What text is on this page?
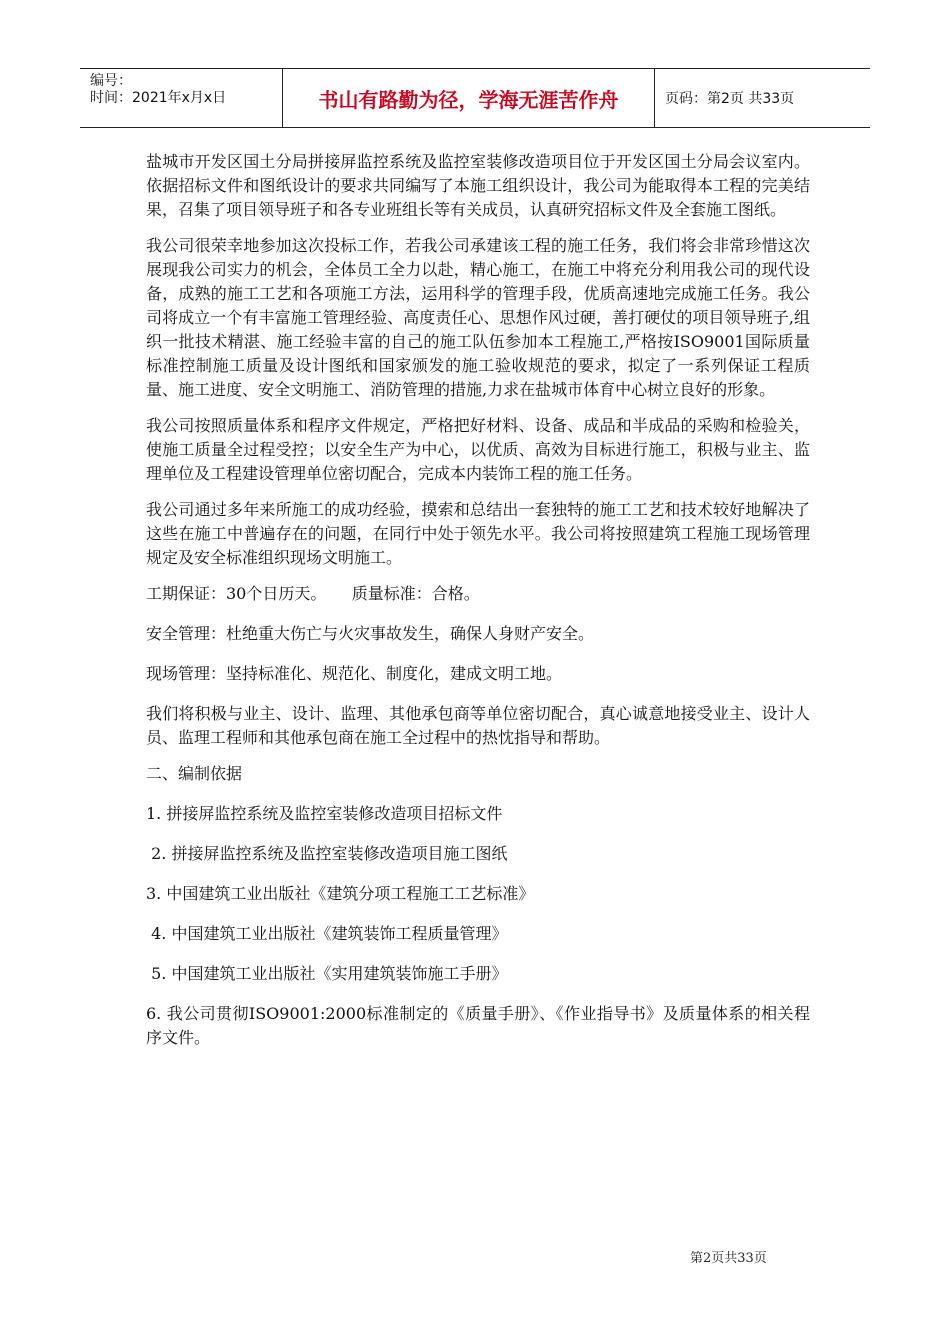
编号：
时间：2021年x月x日	书山有路勤为径，学海无涯苦作舟	页码：第2页 共33页

盐城市开发区国土分局拼接屏监控系统及监控室装修改造项目位于开发区国土分局会议室内。依据招标文件和图纸设计的要求共同编写了本施工组织设计，我公司为能取得本工程的完美结果，召集了项目领导班子和各专业班组长等有关成员，认真研究招标文件及全套施工图纸。

我公司很荣幸地参加这次投标工作，若我公司承建该工程的施工任务，我们将会非常珍惜这次展现我公司实力的机会，全体员工全力以赴，精心施工，在施工中将充分利用我公司的现代设备，成熟的施工工艺和各项施工方法，运用科学的管理手段，优质高速地完成施工任务。我公司将成立一个有丰富施工管理经验、高度责任心、思想作风过硬，善打硬仗的项目领导班子,组织一批技术精湛、施工经验丰富的自己的施工队伍参加本工程施工,严格按ISO9001国际质量标准控制施工质量及设计图纸和国家颁发的施工验收规范的要求，拟定了一系列保证工程质量、施工进度、安全文明施工、消防管理的措施,力求在盐城市体育中心树立良好的形象。

我公司按照质量体系和程序文件规定，严格把好材料、设备、成品和半成品的采购和检验关，使施工质量全过程受控；以安全生产为中心，以优质、高效为目标进行施工，积极与业主、监理单位及工程建设管理单位密切配合，完成本内装饰工程的施工任务。

我公司通过多年来所施工的成功经验，摸索和总结出一套独特的施工工艺和技术较好地解决了这些在施工中普遍存在的问题，在同行中处于领先水平。我公司将按照建筑工程施工现场管理规定及安全标准组织现场文明施工。

工期保证：30个日历天。     质量标准：合格。

安全管理：杜绝重大伤亡与火灾事故发生，确保人身财产安全。

现场管理：坚持标准化、规范化、制度化，建成文明工地。

我们将积极与业主、设计、监理、其他承包商等单位密切配合，真心诚意地接受业主、设计人员、监理工程师和其他承包商在施工全过程中的热忱指导和帮助。

二、编制依据

1. 拼接屏监控系统及监控室装修改造项目招标文件

2. 拼接屏监控系统及监控室装修改造项目施工图纸

3. 中国建筑工业出版社《建筑分项工程施工工艺标准》

4. 中国建筑工业出版社《建筑装饰工程质量管理》

5. 中国建筑工业出版社《实用建筑装饰施工手册》

6. 我公司贯彻ISO9001:2000标准制定的《质量手册》、《作业指导书》及质量体系的相关程序文件。

第2页共33页
